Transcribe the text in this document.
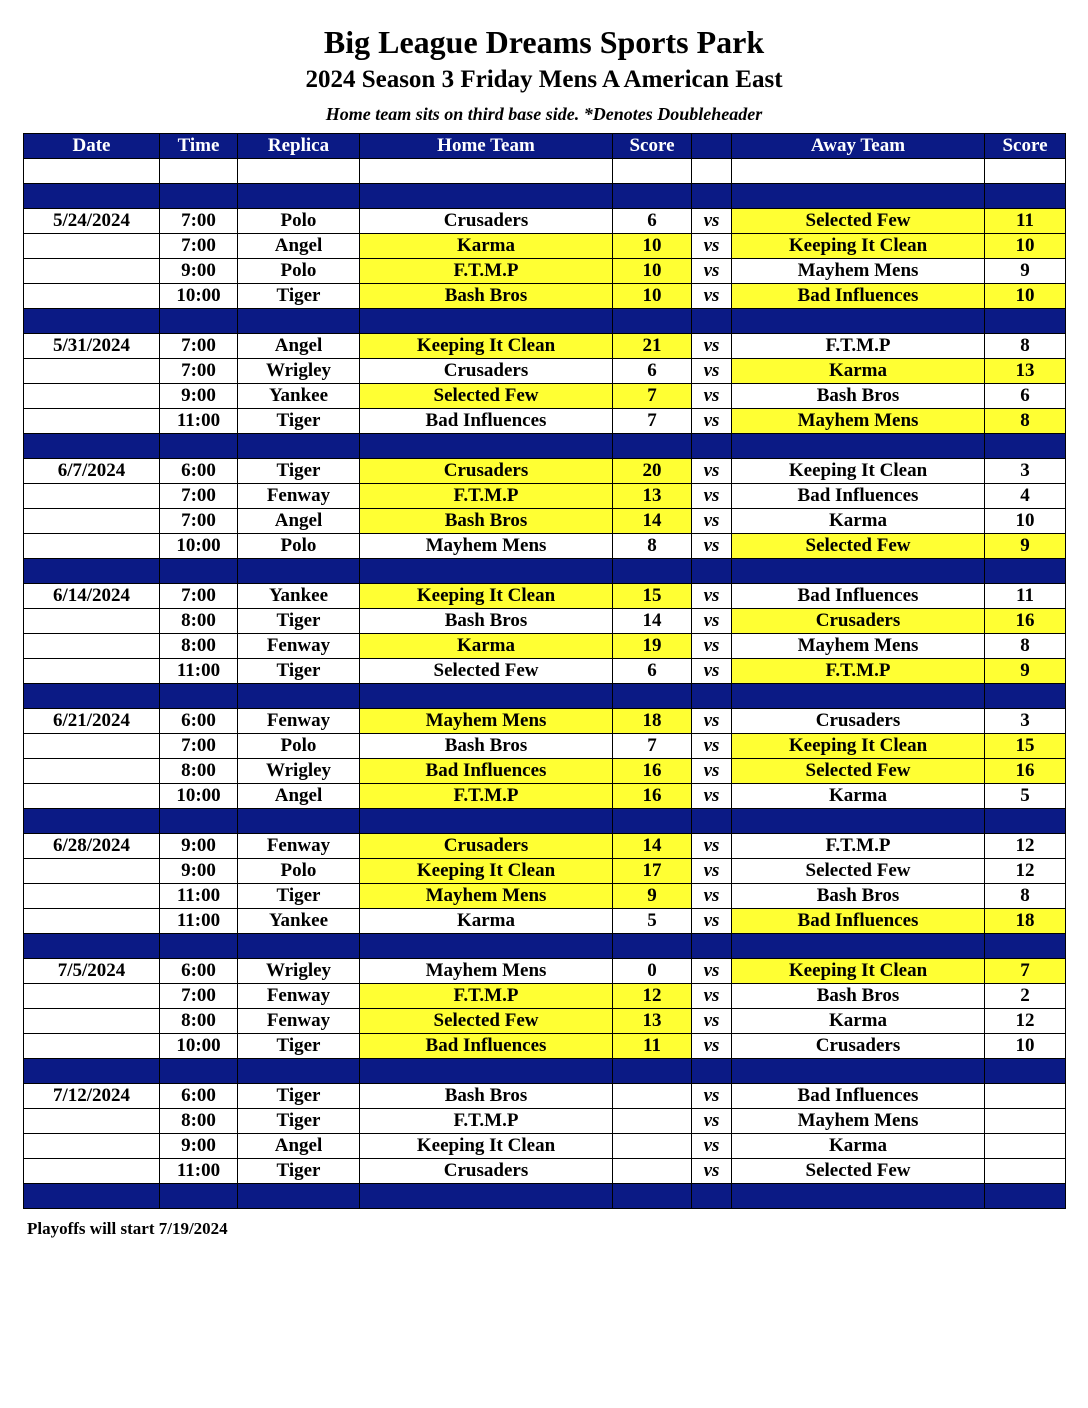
Big League Dreams Sports Park
2024 Season 3 Friday Mens A American East
Home team sits on third base side. *Denotes Doubleheader
Date	Time	Replica	Home Team	Score		Away Team	Score

5/24/2024	7:00	Polo	Crusaders	6	vs	Selected Few	11
	7:00	Angel	Karma	10	vs	Keeping It Clean	10
	9:00	Polo	F.T.M.P	10	vs	Mayhem Mens	9
	10:00	Tiger	Bash Bros	10	vs	Bad Influences	10

5/31/2024	7:00	Angel	Keeping It Clean	21	vs	F.T.M.P	8
	7:00	Wrigley	Crusaders	6	vs	Karma	13
	9:00	Yankee	Selected Few	7	vs	Bash Bros	6
	11:00	Tiger	Bad Influences	7	vs	Mayhem Mens	8

6/7/2024	6:00	Tiger	Crusaders	20	vs	Keeping It Clean	3
	7:00	Fenway	F.T.M.P	13	vs	Bad Influences	4
	7:00	Angel	Bash Bros	14	vs	Karma	10
	10:00	Polo	Mayhem Mens	8	vs	Selected Few	9

6/14/2024	7:00	Yankee	Keeping It Clean	15	vs	Bad Influences	11
	8:00	Tiger	Bash Bros	14	vs	Crusaders	16
	8:00	Fenway	Karma	19	vs	Mayhem Mens	8
	11:00	Tiger	Selected Few	6	vs	F.T.M.P	9

6/21/2024	6:00	Fenway	Mayhem Mens	18	vs	Crusaders	3
	7:00	Polo	Bash Bros	7	vs	Keeping It Clean	15
	8:00	Wrigley	Bad Influences	16	vs	Selected Few	16
	10:00	Angel	F.T.M.P	16	vs	Karma	5

6/28/2024	9:00	Fenway	Crusaders	14	vs	F.T.M.P	12
	9:00	Polo	Keeping It Clean	17	vs	Selected Few	12
	11:00	Tiger	Mayhem Mens	9	vs	Bash Bros	8
	11:00	Yankee	Karma	5	vs	Bad Influences	18

7/5/2024	6:00	Wrigley	Mayhem Mens	0	vs	Keeping It Clean	7
	7:00	Fenway	F.T.M.P	12	vs	Bash Bros	2
	8:00	Fenway	Selected Few	13	vs	Karma	12
	10:00	Tiger	Bad Influences	11	vs	Crusaders	10

7/12/2024	6:00	Tiger	Bash Bros		vs	Bad Influences	
	8:00	Tiger	F.T.M.P		vs	Mayhem Mens	
	9:00	Angel	Keeping It Clean		vs	Karma	
	11:00	Tiger	Crusaders		vs	Selected Few	

Playoffs will start 7/19/2024
